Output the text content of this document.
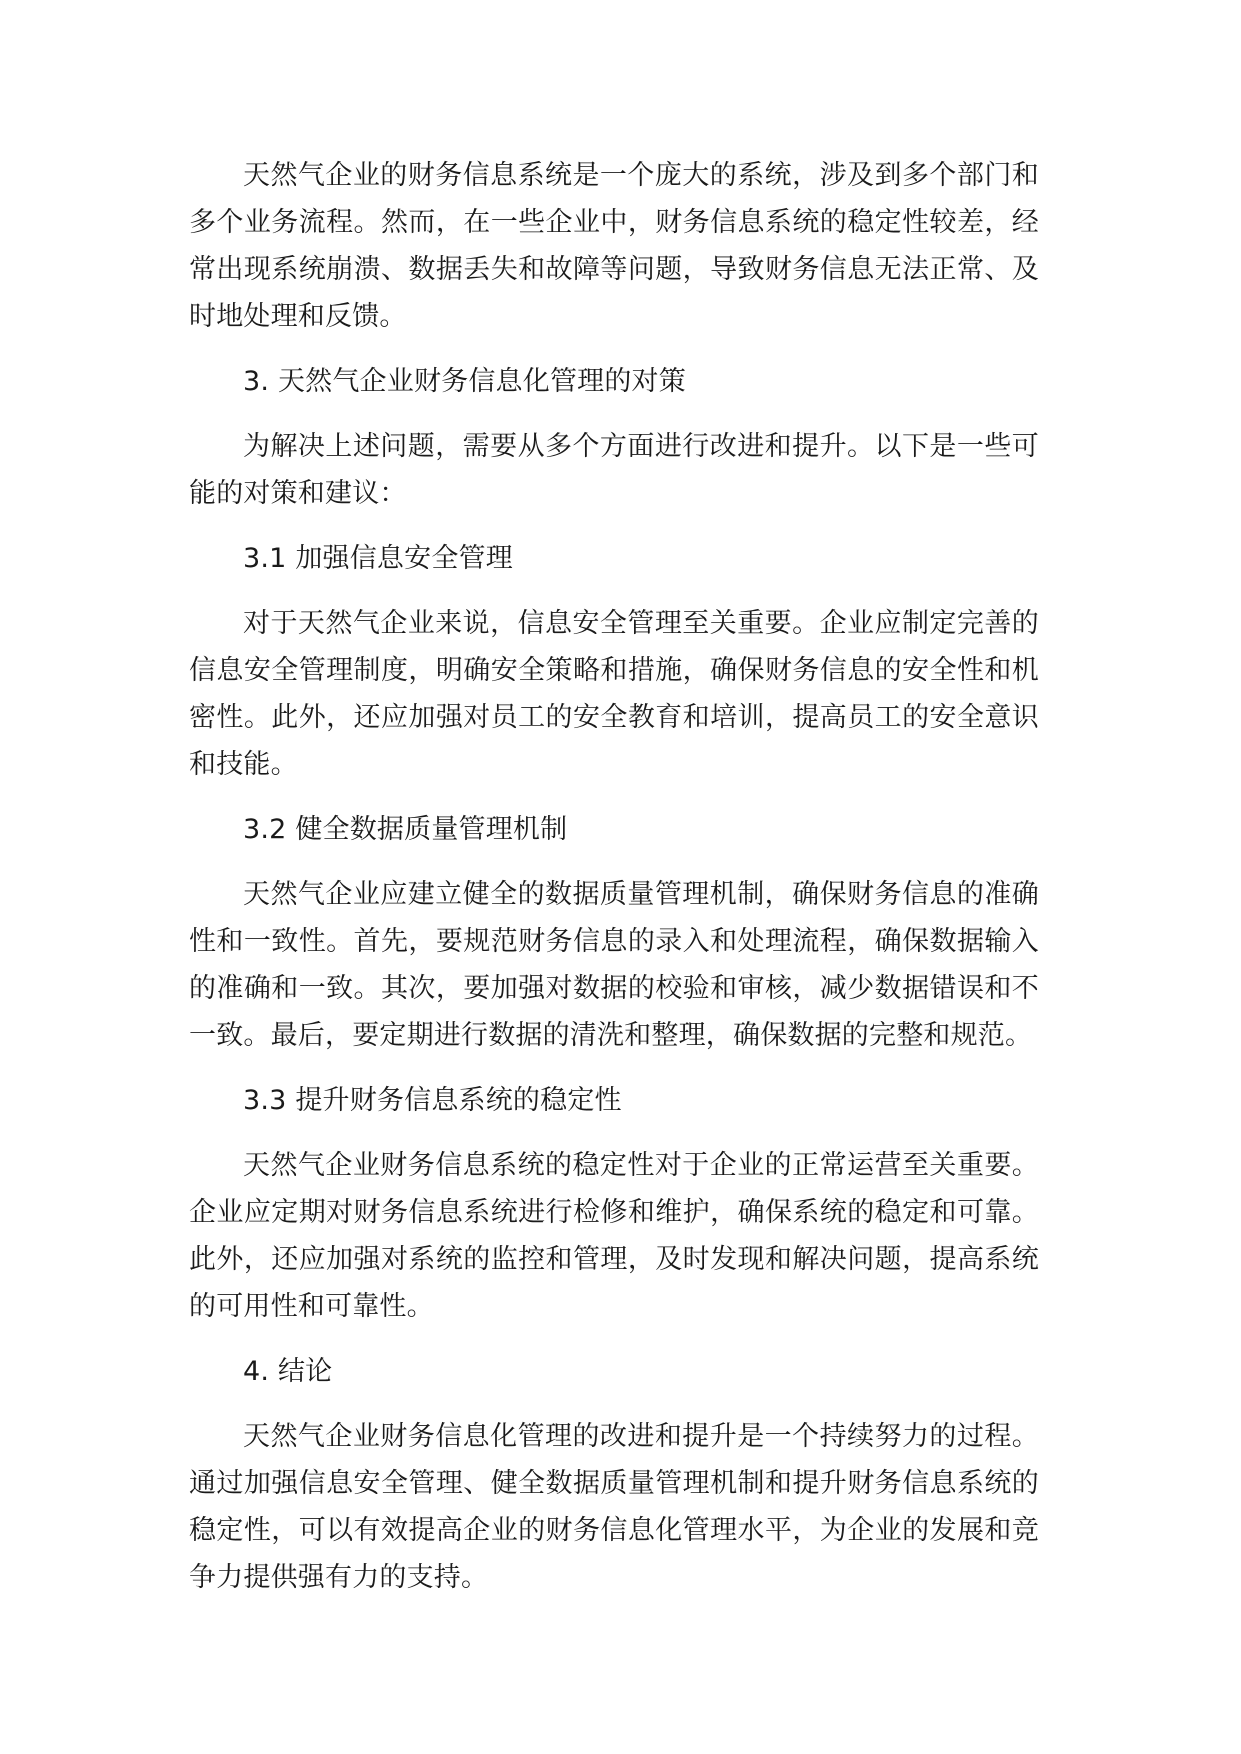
天然气企业的财务信息系统是一个庞大的系统，涉及到多个部门和多个业务流程。然而，在一些企业中，财务信息系统的稳定性较差，经常出现系统崩溃、数据丢失和故障等问题，导致财务信息无法正常、及时地处理和反馈。

3. 天然气企业财务信息化管理的对策

为解决上述问题，需要从多个方面进行改进和提升。以下是一些可能的对策和建议：

3.1 加强信息安全管理

对于天然气企业来说，信息安全管理至关重要。企业应制定完善的信息安全管理制度，明确安全策略和措施，确保财务信息的安全性和机密性。此外，还应加强对员工的安全教育和培训，提高员工的安全意识和技能。

3.2 健全数据质量管理机制

天然气企业应建立健全的数据质量管理机制，确保财务信息的准确性和一致性。首先，要规范财务信息的录入和处理流程，确保数据输入的准确和一致。其次，要加强对数据的校验和审核，减少数据错误和不一致。最后，要定期进行数据的清洗和整理，确保数据的完整和规范。

3.3 提升财务信息系统的稳定性

天然气企业财务信息系统的稳定性对于企业的正常运营至关重要。企业应定期对财务信息系统进行检修和维护，确保系统的稳定和可靠。此外，还应加强对系统的监控和管理，及时发现和解决问题，提高系统的可用性和可靠性。

4. 结论

天然气企业财务信息化管理的改进和提升是一个持续努力的过程。通过加强信息安全管理、健全数据质量管理机制和提升财务信息系统的稳定性，可以有效提高企业的财务信息化管理水平，为企业的发展和竞争力提供强有力的支持。
